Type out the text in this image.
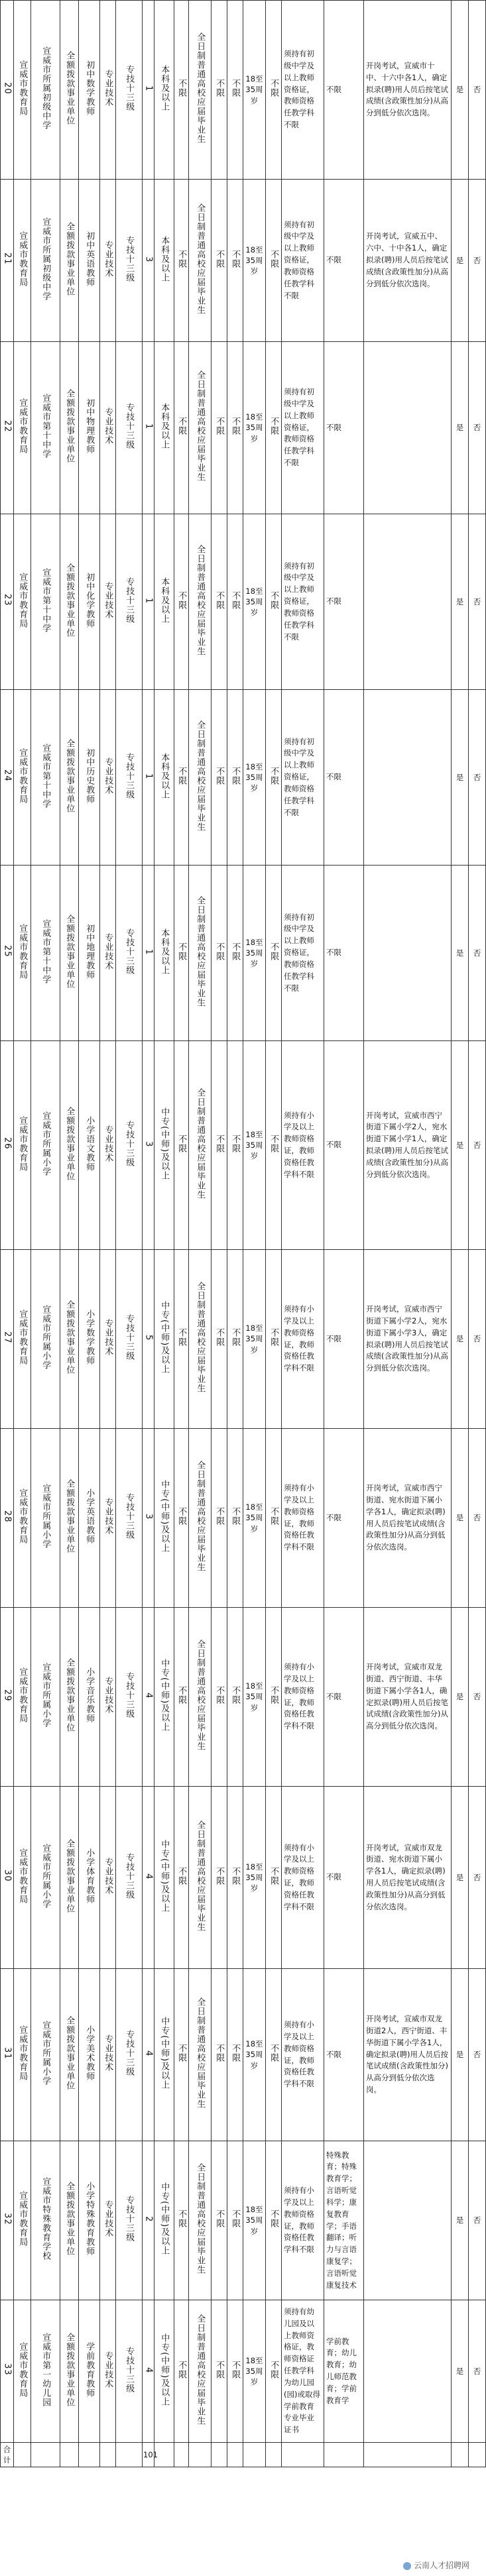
20	宣威市教育局	宣威市所属初级中学	全额拨款事业单位	初中数学教师	专业技术	专技十三级	1	本科及以上	不限	全日制普通高校应届毕业生	不限	不限	18至35周岁	不限	须持有初级中学及以上教师资格证，教师资格任教学科不限	不限	开岗考试，宣威市十中、十六中各1人，确定拟录(聘)用人员后按笔试成绩(含政策性加分)从高分到低分依次选岗。	是	否

21	宣威市教育局	宣威市所属初级中学	全额拨款事业单位	初中英语教师	专业技术	专技十三级	3	本科及以上	不限	全日制普通高校应届毕业生	不限	不限	18至35周岁	不限	须持有初级中学及以上教师资格证，教师资格任教学科不限	不限	开岗考试，宣威五中、六中、十中各1人，确定拟录(聘)用人员后按笔试成绩(含政策性加分)从高分到低分依次选岗。	是	否

22	宣威市教育局	宣威市第十中学	全额拨款事业单位	初中物理教师	专业技术	专技十三级	1	本科及以上	不限	全日制普通高校应届毕业生	不限	不限	18至35周岁	不限	须持有初级中学及以上教师资格证，教师资格任教学科不限	不限		是	否

23	宣威市教育局	宣威市第十中学	全额拨款事业单位	初中化学教师	专业技术	专技十三级	1	本科及以上	不限	全日制普通高校应届毕业生	不限	不限	18至35周岁	不限	须持有初级中学及以上教师资格证，教师资格任教学科不限	不限		是	否

24	宣威市教育局	宣威市第十中学	全额拨款事业单位	初中历史教师	专业技术	专技十三级	1	本科及以上	不限	全日制普通高校应届毕业生	不限	不限	18至35周岁	不限	须持有初级中学及以上教师资格证，教师资格任教学科不限	不限		是	否

25	宣威市教育局	宣威市第十中学	全额拨款事业单位	初中地理教师	专业技术	专技十三级	1	本科及以上	不限	全日制普通高校应届毕业生	不限	不限	18至35周岁	不限	须持有初级中学及以上教师资格证，教师资格任教学科不限	不限		是	否

26	宣威市教育局	宣威市所属小学	全额拨款事业单位	小学语文教师	专业技术	专技十三级	3	中专(中师)及以上	不限	全日制普通高校应届毕业生	不限	不限	18至35周岁	不限	须持有小学及以上教师资格证，教师资格任教学科不限	不限	开岗考试，宣威市西宁街道下属小学2人，宛水街道下属小学1人，确定拟录(聘)用人员后按笔试成绩(含政策性加分)从高分到低分依次选岗。	是	否

27	宣威市教育局	宣威市所属小学	全额拨款事业单位	小学数学教师	专业技术	专技十三级	5	中专(中师)及以上	不限	全日制普通高校应届毕业生	不限	不限	18至35周岁	不限	须持有小学及以上教师资格证，教师资格任教学科不限	不限	开岗考试，宣威市西宁街道下属小学2人，宛水街道下属小学3人，确定拟录(聘)用人员后按笔试成绩(含政策性加分)从高分到低分依次选岗。	是	否

28	宣威市教育局	宣威市所属小学	全额拨款事业单位	小学英语教师	专业技术	专技十三级	3	中专(中师)及以上	不限	全日制普通高校应届毕业生	不限	不限	18至35周岁	不限	须持有小学及以上教师资格证，教师资格任教学科不限	不限	开岗考试，宣威市西宁街道、宛水街道下属小学各1人，确定拟录(聘)用人员后按笔试成绩(含政策性加分)从高分到低分依次选岗。	是	否

29	宣威市教育局	宣威市所属小学	全额拨款事业单位	小学音乐教师	专业技术	专技十三级	4	中专(中师)及以上	不限	全日制普通高校应届毕业生	不限	不限	18至35周岁	不限	须持有小学及以上教师资格证，教师资格任教学科不限	不限	开岗考试，宣威市双龙街道、西宁街道、丰华街道下属小学各1人，确定拟录(聘)用人员后按笔试成绩(含政策性加分)从高分到低分依次选岗。	是	否

30	宣威市教育局	宣威市所属小学	全额拨款事业单位	小学体育教师	专业技术	专技十三级	4	中专(中师)及以上	不限	全日制普通高校应届毕业生	不限	不限	18至35周岁	不限	须持有小学及以上教师资格证，教师资格任教学科不限	不限	开岗考试，宣威市双龙街道、宛水街道下属小学各1人，确定拟录(聘)用人员后按笔试成绩(含政策性加分)从高分到低分依次选岗。	是	否

31	宣威市教育局	宣威市所属小学	全额拨款事业单位	小学美术教师	专业技术	专技十三级	4	中专(中师)及以上	不限	全日制普通高校应届毕业生	不限	不限	18至35周岁	不限	须持有小学及以上教师资格证，教师资格任教学科不限	不限	开岗考试，宣威市双龙街道2人，西宁街道、丰华街道下属小学各1人，确定拟录(聘)用人员后按笔试成绩(含政策性加分)从高分到低分依次选岗。	是	否

32	宣威市教育局	宣威市特殊教育学校	全额拨款事业单位	小学特殊教育教师	专业技术	专技十三级	2	中专(中师)及以上	不限	全日制普通高校应届毕业生	不限	不限	18至35周岁	不限	须持有小学及以上教师资格证，教师资格任教学科不限	特殊教育；特殊教育学；言语听觉科学；康复教育学；手语翻译；听力与言语康复学；言语听觉康复技术		是	否

33	宣威市教育局	宣威市第一幼儿园	全额拨款事业单位	学前教育教师	专业技术	专技十三级	4	中专(中师)及以上	不限	全日制普通高校应届毕业生	不限	不限	18至35周岁	不限	须持有幼儿园及以上教师资格证，教师资格证任教学科为幼儿园(园)或取得学前教育专业毕业证书	学前教育；幼儿教育；幼儿师范教育；学前教育学		是	否

合计							101												

云南人才招聘网
